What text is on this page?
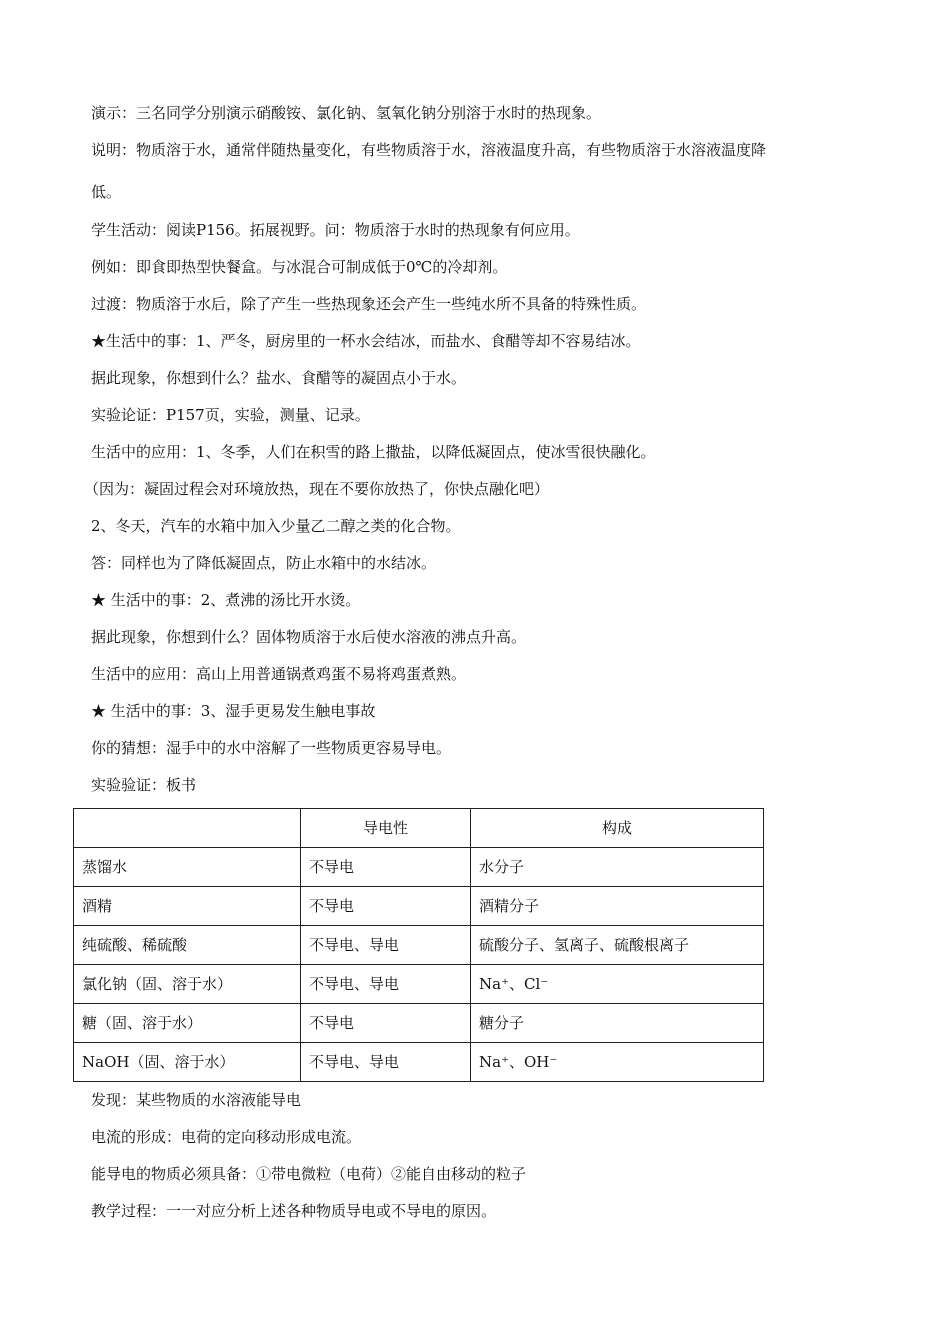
演示：三名同学分别演示硝酸铵、氯化钠、氢氧化钠分别溶于水时的热现象。
说明：物质溶于水，通常伴随热量变化，有些物质溶于水，溶液温度升高，有些物质溶于水溶液温度降
低。
学生活动：阅读P156。拓展视野。问：物质溶于水时的热现象有何应用。
例如：即食即热型快餐盒。与冰混合可制成低于0℃的冷却剂。
过渡：物质溶于水后，除了产生一些热现象还会产生一些纯水所不具备的特殊性质。
★生活中的事：1、严冬，厨房里的一杯水会结冰，而盐水、食醋等却不容易结冰。
据此现象，你想到什么？盐水、食醋等的凝固点小于水。
实验论证：P157页，实验，测量、记录。
生活中的应用：1、冬季，人们在积雪的路上撒盐，以降低凝固点，使冰雪很快融化。
（因为：凝固过程会对环境放热，现在不要你放热了，你快点融化吧）
2、冬天，汽车的水箱中加入少量乙二醇之类的化合物。
答：同样也为了降低凝固点，防止水箱中的水结冰。
★ 生活中的事：2、煮沸的汤比开水烫。
据此现象，你想到什么？固体物质溶于水后使水溶液的沸点升高。
生活中的应用：高山上用普通锅煮鸡蛋不易将鸡蛋煮熟。
★ 生活中的事：3、湿手更易发生触电事故
你的猜想：湿手中的水中溶解了一些物质更容易导电。
实验验证：板书
	导电性	构成
蒸馏水	不导电	水分子
酒精	不导电	酒精分子
纯硫酸、稀硫酸	不导电、导电	硫酸分子、氢离子、硫酸根离子
氯化钠（固、溶于水）	不导电、导电	Na⁺、Cl⁻
糖（固、溶于水）	不导电	糖分子
NaOH（固、溶于水）	不导电、导电	Na⁺、OH⁻
发现：某些物质的水溶液能导电
电流的形成：电荷的定向移动形成电流。
能导电的物质必须具备：①带电微粒（电荷）②能自由移动的粒子
教学过程：一一对应分析上述各种物质导电或不导电的原因。
